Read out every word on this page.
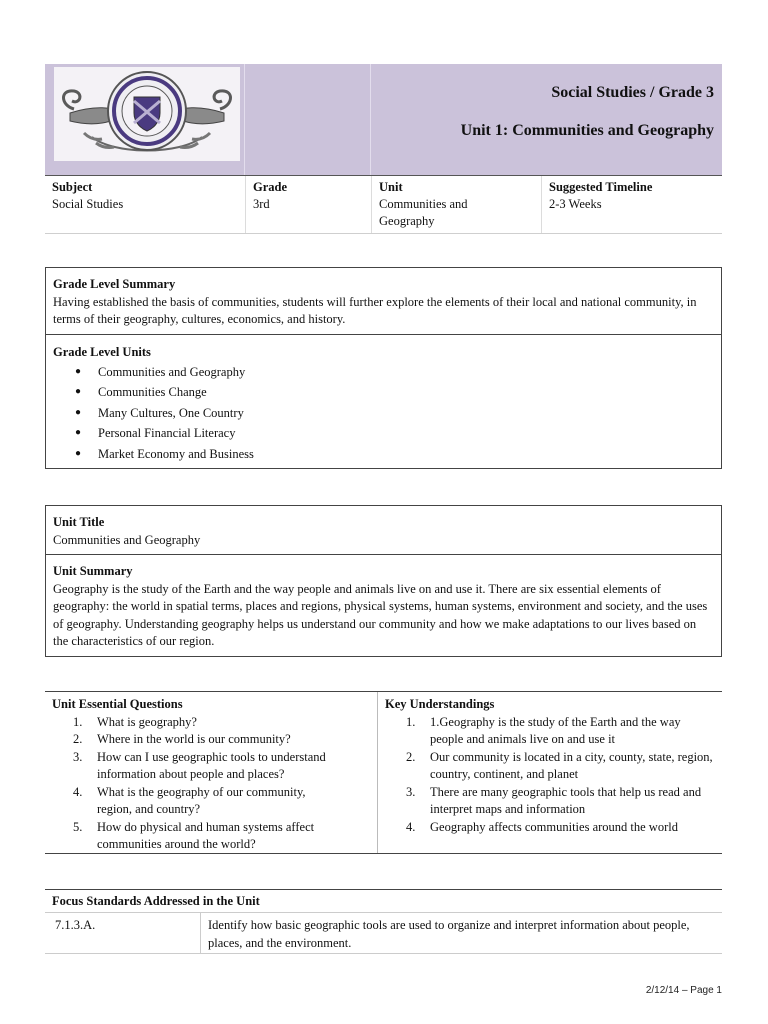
Social Studies / Grade 3
Unit 1: Communities and Geography
Subject
Social Studies
Grade
3rd
Unit
Communities and Geography
Suggested Timeline
2-3 Weeks
Grade Level Summary
Having established the basis of communities, students will further explore the elements of their local and national community, in terms of their geography, cultures, economics, and history.
Grade Level Units
● Communities and Geography
● Communities Change
● Many Cultures, One Country
● Personal Financial Literacy
● Market Economy and Business
Unit Title
Communities and Geography
Unit Summary
Geography is the study of the Earth and the way people and animals live on and use it. There are six essential elements of geography: the world in spatial terms, places and regions, physical systems, human systems, environment and society, and the uses of geography. Understanding geography helps us understand our community and how we make adaptations to our lives based on the characteristics of our region.
Unit Essential Questions
1. What is geography?
2. Where in the world is our community?
3. How can I use geographic tools to understand information about people and places?
4. What is the geography of our community, region, and country?
5. How do physical and human systems affect communities around the world?
Key Understandings
1. 1.Geography is the study of the Earth and the way people and animals live on and use it
2. Our community is located in a city, county, state, region, country, continent, and planet
3. There are many geographic tools that help us read and interpret maps and information
4. Geography affects communities around the world
Focus Standards Addressed in the Unit
7.1.3.A.	Identify how basic geographic tools are used to organize and interpret information about people, places, and the environment.
2/12/14 – Page 1
